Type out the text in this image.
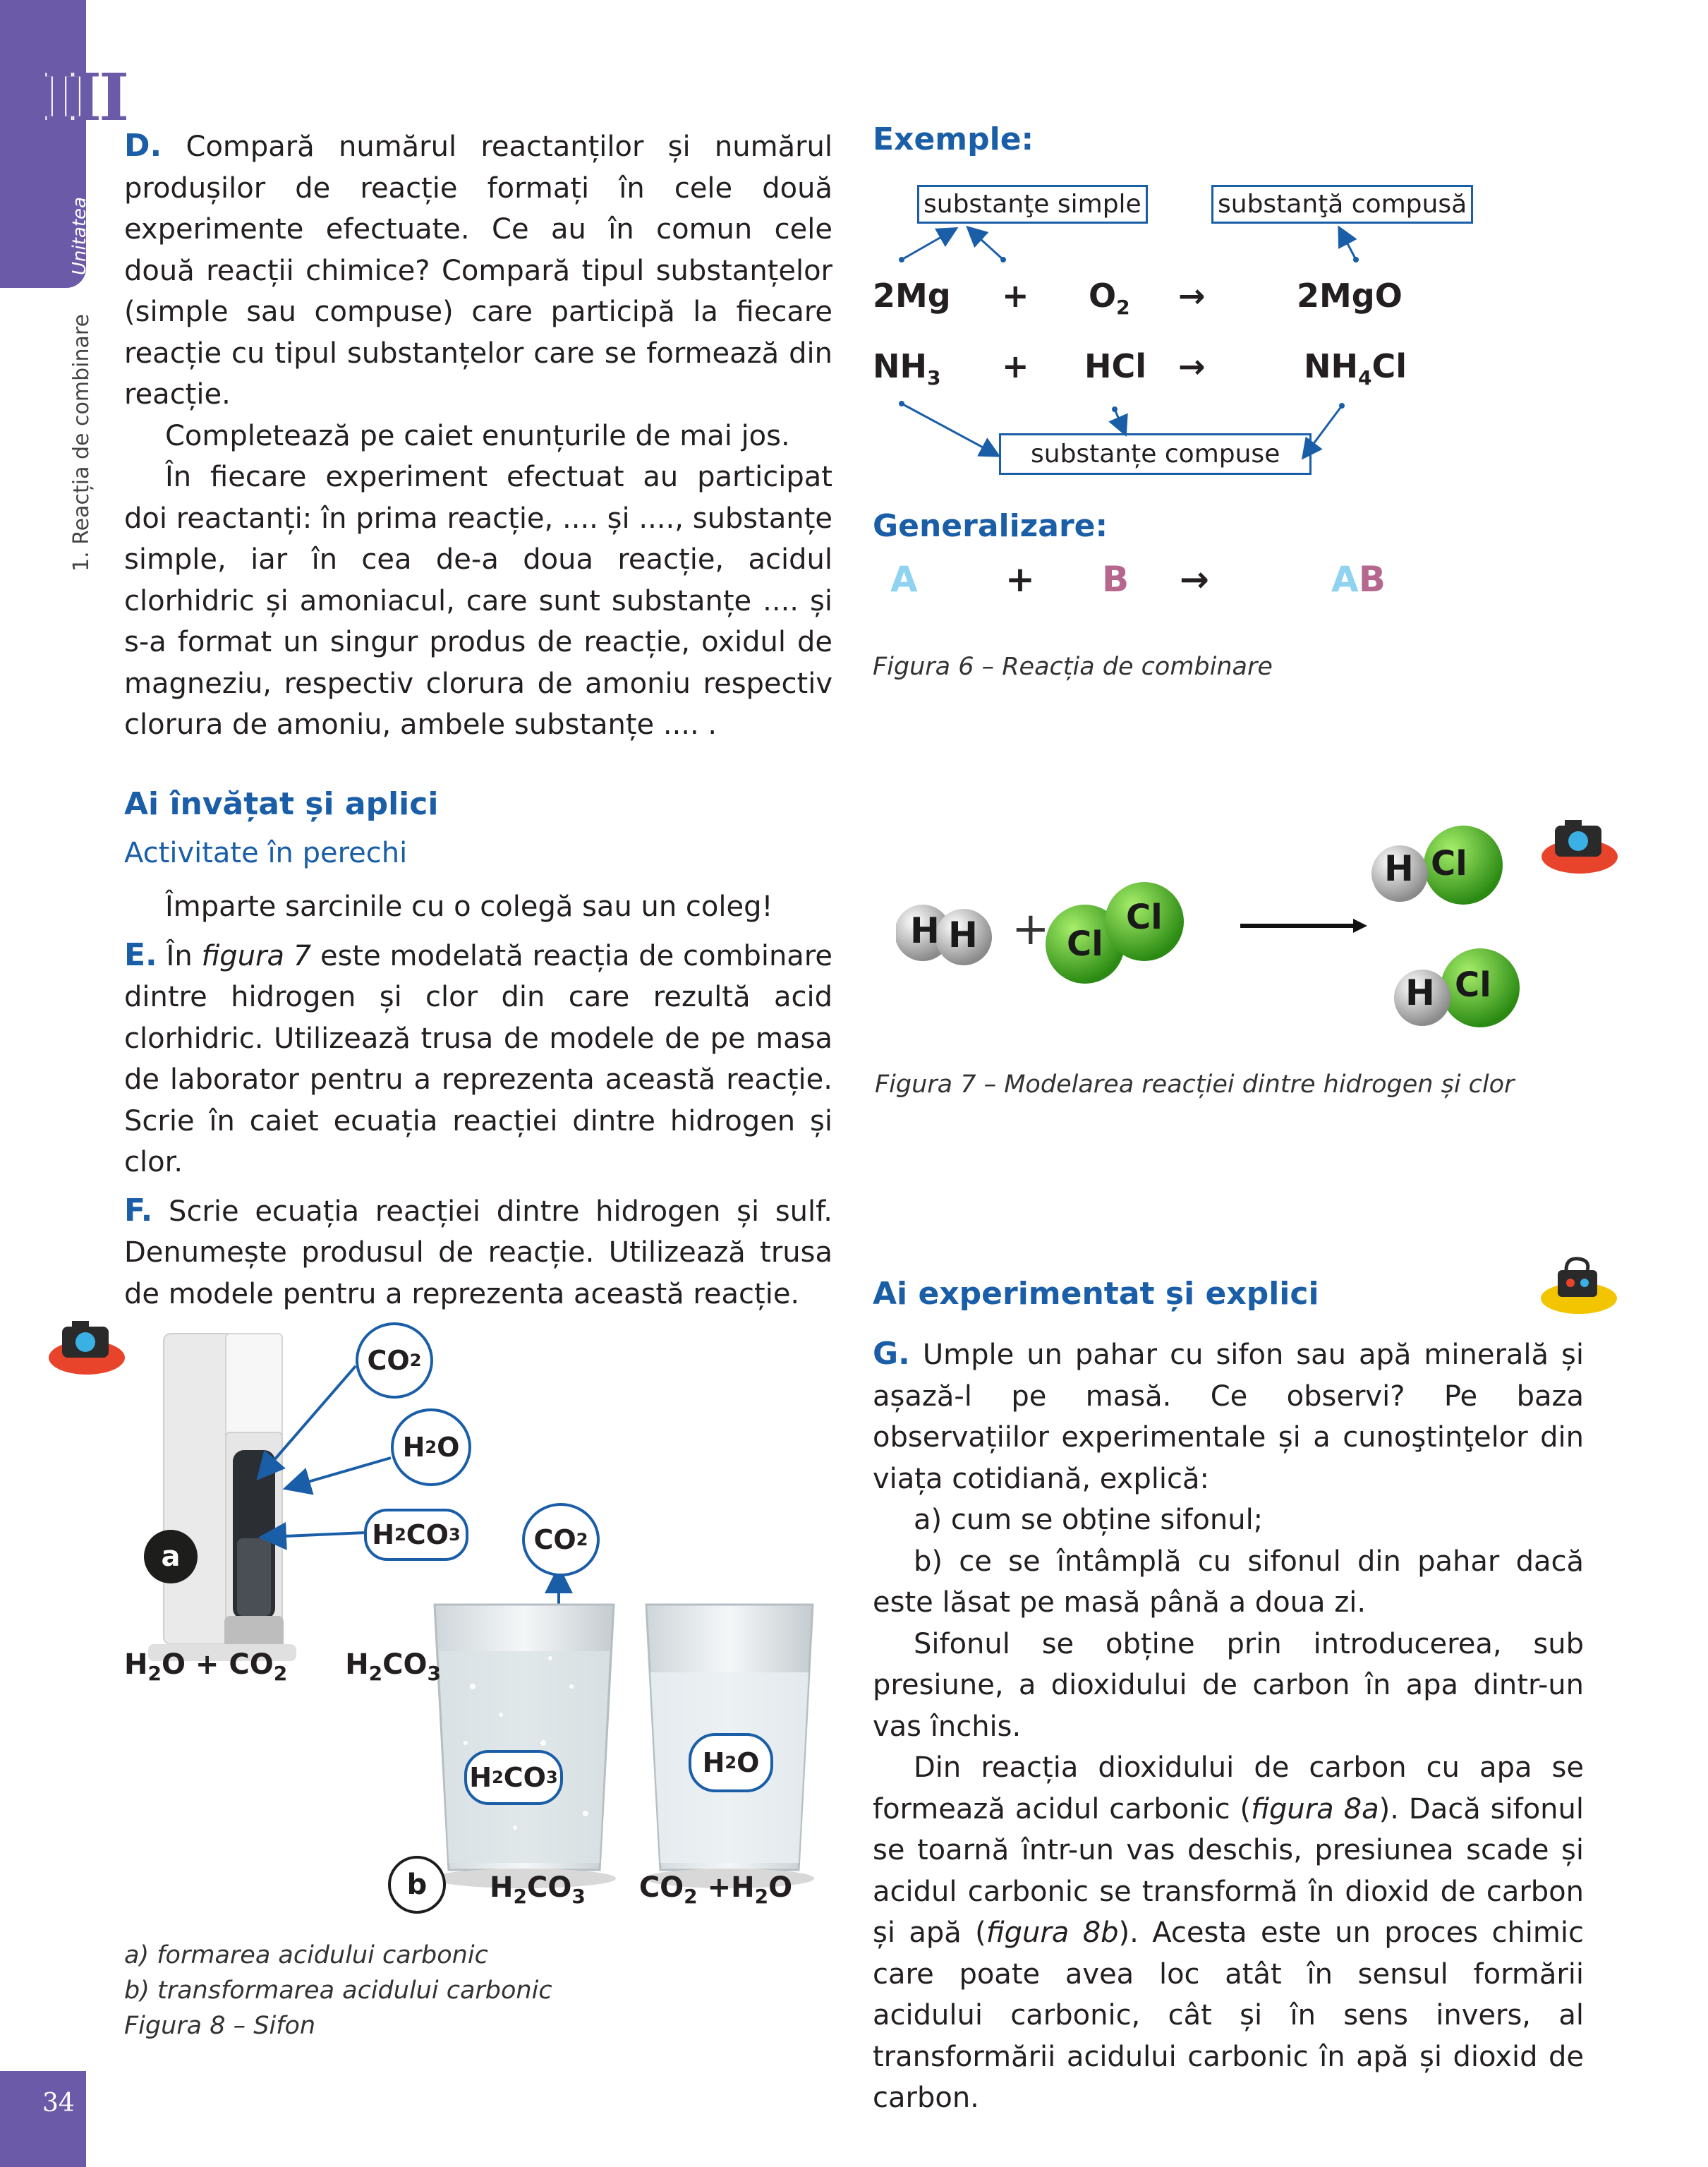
III
Unitatea
1. Reacția de combinare
34

D. Compară numărul reactanților și numărul produșilor de reacție formați în cele două experimente efectuate. Ce au în comun cele două reacții chimice? Compară tipul substanțelor (simple sau compuse) care participă la fiecare reacție cu tipul substanțelor care se formează din reacție.

Completează pe caiet enunțurile de mai jos.

În fiecare experiment efectuat au participat doi reactanți: în prima reacție, .... și ...., substanțe simple, iar în cea de-a doua reacție, acidul clorhidric și amoniacul, care sunt substanțe .... și s-a format un singur produs de reacție, oxidul de magneziu, respectiv clorura de amoniu respectiv clorura de amoniu, ambele substanțe .... .

Exemple:
substanţe simple	substanţă compusă
$2Mg + O_2$ →	2MgO
$NH_3$ + HCl →	$NH_4Cl$
substanțe compuse
Generalizare:
A + B →	AB
Figura 6 – Reacția de combinare
Ai învățat și aplici
Activitate în perechi

Împarte sarcinile cu o colegă sau un coleg!

E. În figura 7 este modelată reacția de combinare dintre hidrogen și clor din care rezultă acid clorhidric. Utilizează trusa de modele de pe masa de laborator pentru a reprezenta această reacție. Scrie în caiet ecuația reacției dintre hidrogen și clor.

F. Scrie ecuația reacției dintre hidrogen și sulf. Denumește produsul de reacție. Utilizează trusa de modele pentru a reprezenta această reacție.

H H + Cl
Cl
H Cl
H Cl
Figura 7 – Modelarea reacției dintre hidrogen și clor
CO 2
H 2 O
H 2 CO 3	CO 2
H 2 CO 3	H 2 O
a
b
$H_2O + CO_2$ $H_2CO_3$
$H_2CO_3$ $CO_2 +H_2O$
a) formarea acidului carbonic
b) transformarea acidului carbonic
Figura 8 – Sifon
Ai experimentat și explici

G. Umple un pahar cu sifon sau apă minerală și așază-l pe masă. Ce observi? Pe baza observațiilor experimentale și a cunoştinţelor din viața cotidiană, explică:

a) cum se obține sifonul;

b) ce se întâmplă cu sifonul din pahar dacă este lăsat pe masă până a doua zi.

Sifonul se obține prin introducerea, sub presiune, a dioxidului de carbon în apa dintr-un vas închis.

Din reacția dioxidului de carbon cu apa se formează acidul carbonic (figura 8a). Dacă sifonul se toarnă într-un vas deschis, presiunea scade și acidul carbonic se transformă în dioxid de carbon și apă (figura 8b). Acesta este un proces chimic care poate avea loc atât în sensul formării acidului carbonic, cât și în sens invers, al transformării acidului carbonic în apă și dioxid de carbon.
